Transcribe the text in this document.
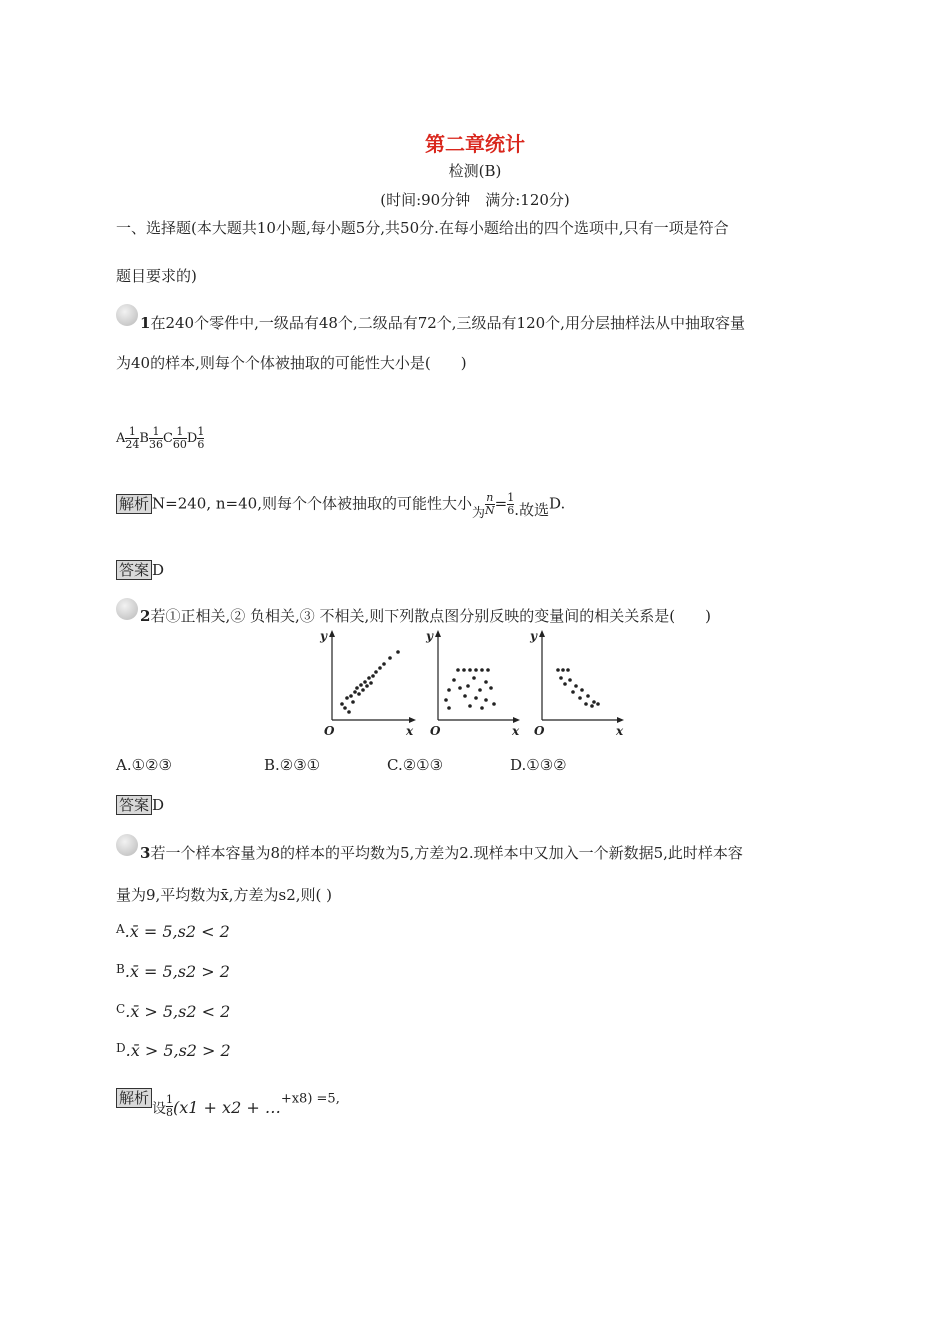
第二章统计
检测(B)
(时间:90分钟　满分:120分)
一、选择题(本大题共10小题,每小题5分,共50分.在每小题给出的四个选项中,只有一项是符合
题目要求的)
1在240个零件中,一级品有48个,二级品有72个,三级品有120个,用分层抽样法从中抽取容量
为40的样本,则每个个体被抽取的可能性大小是(　　)
A $\frac{1}{24}$ B $\frac{1}{36}$ C $\frac{1}{60}$ D $\frac{1}{6}$
解析 N=240, n=40,则每个个体被抽取的可能性大小为 $\frac{n}{N} = \frac{1}{6}$ .故选D.
答案 D
2若①正相关,② 负相关,③ 不相关,则下列散点图分别反映的变量间的相关关系是(　　)
y
x
O
y
x
O
y
x
O
A.①②③	B.②③①	C.②①③	D.①③②
答案 D
3若一个样本容量为8的样本的平均数为5,方差为2.现样本中又加入一个新数据5,此时样本容
量为9,平均数为x̄,方差为s2,则( )
$^A$.x̄ = 5,s2 < 2
$^B$.x̄ = 5,s2 > 2
$^C$.x̄ > 5,s2 < 2
$^D$.x̄ > 5,s2 > 2
解析设 $\frac{1}{8} (x1 + x2$ + …+x8) =5,
